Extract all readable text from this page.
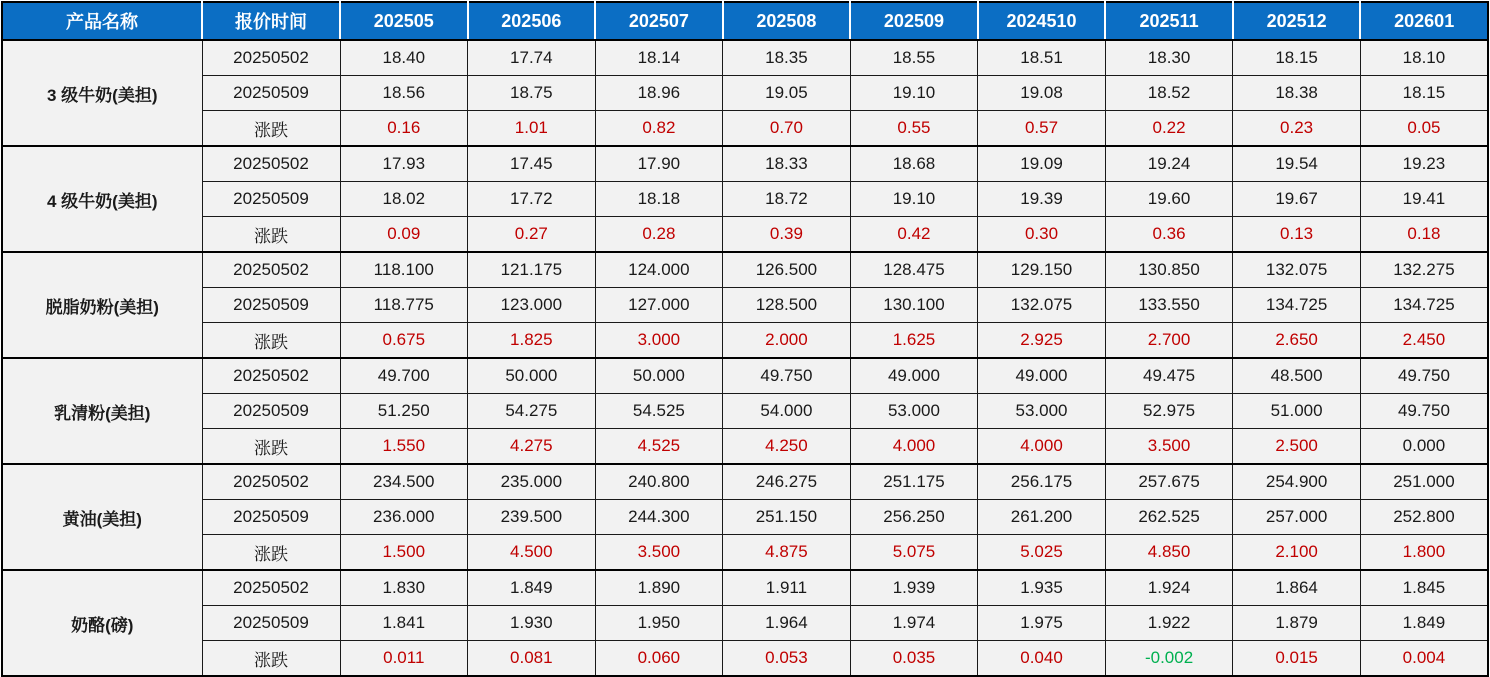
产品名称	报价时间	202505	202506	202507	202508	202509	2024510	202511	202512	202601
3 级牛奶(美担)	20250502	18.40	17.74	18.14	18.35	18.55	18.51	18.30	18.15	18.10
	20250509	18.56	18.75	18.96	19.05	19.10	19.08	18.52	18.38	18.15
	涨跌	0.16	1.01	0.82	0.70	0.55	0.57	0.22	0.23	0.05
4 级牛奶(美担)	20250502	17.93	17.45	17.90	18.33	18.68	19.09	19.24	19.54	19.23
	20250509	18.02	17.72	18.18	18.72	19.10	19.39	19.60	19.67	19.41
	涨跌	0.09	0.27	0.28	0.39	0.42	0.30	0.36	0.13	0.18
脱脂奶粉(美担)	20250502	118.100	121.175	124.000	126.500	128.475	129.150	130.850	132.075	132.275
	20250509	118.775	123.000	127.000	128.500	130.100	132.075	133.550	134.725	134.725
	涨跌	0.675	1.825	3.000	2.000	1.625	2.925	2.700	2.650	2.450
乳清粉(美担)	20250502	49.700	50.000	50.000	49.750	49.000	49.000	49.475	48.500	49.750
	20250509	51.250	54.275	54.525	54.000	53.000	53.000	52.975	51.000	49.750
	涨跌	1.550	4.275	4.525	4.250	4.000	4.000	3.500	2.500	0.000
黄油(美担)	20250502	234.500	235.000	240.800	246.275	251.175	256.175	257.675	254.900	251.000
	20250509	236.000	239.500	244.300	251.150	256.250	261.200	262.525	257.000	252.800
	涨跌	1.500	4.500	3.500	4.875	5.075	5.025	4.850	2.100	1.800
奶酪(磅)	20250502	1.830	1.849	1.890	1.911	1.939	1.935	1.924	1.864	1.845
	20250509	1.841	1.930	1.950	1.964	1.974	1.975	1.922	1.879	1.849
	涨跌	0.011	0.081	0.060	0.053	0.035	0.040	-0.002	0.015	0.004
